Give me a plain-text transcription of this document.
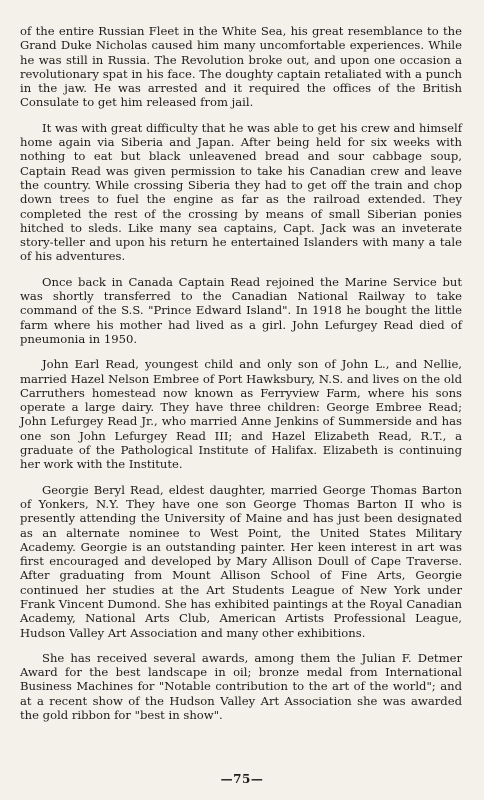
of the entire Russian Fleet in the White Sea, his great resemblance to the Grand Duke Nicholas caused him many uncomfortable experiences. While he was still in Russia. The Revolution broke out, and upon one occasion a revolutionary spat in his face. The doughty captain retaliated with a punch in the jaw. He was arrested and it required the offices of the British Consulate to get him released from jail.

It was with great difficulty that he was able to get his crew and himself home again via Siberia and Japan. After being held for six weeks with nothing to eat but black unleavened bread and sour cabbage soup, Captain Read was given permission to take his Canadian crew and leave the country. While crossing Siberia they had to get off the train and chop down trees to fuel the engine as far as the railroad extended. They completed the rest of the crossing by means of small Siberian ponies hitched to sleds. Like many sea captains, Capt. Jack was an inveterate story-teller and upon his return he entertained Islanders with many a tale of his adventures.

Once back in Canada Captain Read rejoined the Marine Service but was shortly transferred to the Canadian National Railway to take command of the S.S. "Prince Edward Island". In 1918 he bought the little farm where his mother had lived as a girl. John Lefurgey Read died of pneumonia in 1950.

John Earl Read, youngest child and only son of John L., and Nellie, married Hazel Nelson Embree of Port Hawksbury, N.S. and lives on the old Carruthers homestead now known as Ferryview Farm, where his sons operate a large dairy. They have three children: George Embree Read; John Lefurgey Read Jr., who married Anne Jenkins of Summerside and has one son John Lefurgey Read III; and Hazel Elizabeth Read, R.T., a graduate of the Pathological Institute of Halifax. Elizabeth is continuing her work with the Institute.

Georgie Beryl Read, eldest daughter, married George Thomas Barton of Yonkers, N.Y. They have one son George Thomas Barton II who is presently attending the University of Maine and has just been designated as an alternate nominee to West Point, the United States Military Academy. Georgie is an outstanding painter. Her keen interest in art was first encouraged and developed by Mary Allison Doull of Cape Traverse. After graduating from Mount Allison School of Fine Arts, Georgie continued her studies at the Art Students League of New York under Frank Vincent Dumond. She has exhibited paintings at the Royal Canadian Academy, National Arts Club, American Artists Professional League, Hudson Valley Art Association and many other exhibitions.

She has received several awards, among them the Julian F. Detmer Award for the best landscape in oil; bronze medal from International Business Machines for "Notable contribution to the art of the world"; and at a recent show of the Hudson Valley Art Association she was awarded the gold ribbon for "best in show".

—75—
